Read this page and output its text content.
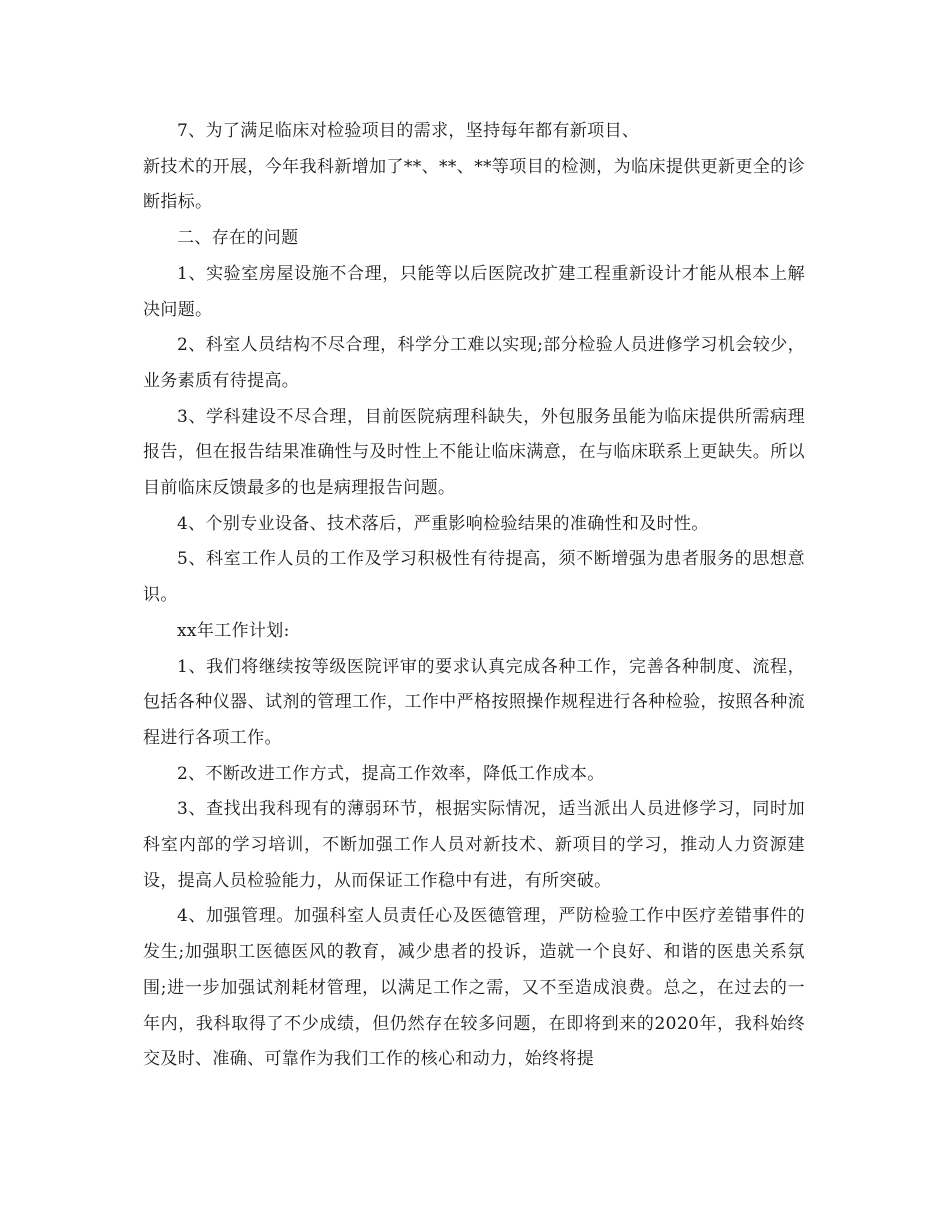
7、为了满足临床对检验项目的需求，坚持每年都有新项目、

新技术的开展，今年我科新增加了**、**、**等项目的检测，为临床提供更新更全的诊断指标。

二、存在的问题

1、实验室房屋设施不合理，只能等以后医院改扩建工程重新设计才能从根本上解决问题。

2、科室人员结构不尽合理，科学分工难以实现;部分检验人员进修学习机会较少，业务素质有待提高。

3、学科建设不尽合理，目前医院病理科缺失，外包服务虽能为临床提供所需病理报告，但在报告结果准确性与及时性上不能让临床满意，在与临床联系上更缺失。所以目前临床反馈最多的也是病理报告问题。

4、个别专业设备、技术落后，严重影响检验结果的准确性和及时性。

5、科室工作人员的工作及学习积极性有待提高，须不断增强为患者服务的思想意识。

xx年工作计划:

1、我们将继续按等级医院评审的要求认真完成各种工作，完善各种制度、流程，包括各种仪器、试剂的管理工作，工作中严格按照操作规程进行各种检验，按照各种流程进行各项工作。

2、不断改进工作方式，提高工作效率，降低工作成本。

3、查找出我科现有的薄弱环节，根据实际情况，适当派出人员进修学习，同时加科室内部的学习培训，不断加强工作人员对新技术、新项目的学习，推动人力资源建设，提高人员检验能力，从而保证工作稳中有进，有所突破。

4、加强管理。加强科室人员责任心及医德管理，严防检验工作中医疗差错事件的发生;加强职工医德医风的教育，减少患者的投诉，造就一个良好、和谐的医患关系氛围;进一步加强试剂耗材管理，以满足工作之需，又不至造成浪费。总之，在过去的一年内，我科取得了不少成绩，但仍然存在较多问题，在即将到来的2020年，我科始终交及时、准确、可靠作为我们工作的核心和动力，始终将提
